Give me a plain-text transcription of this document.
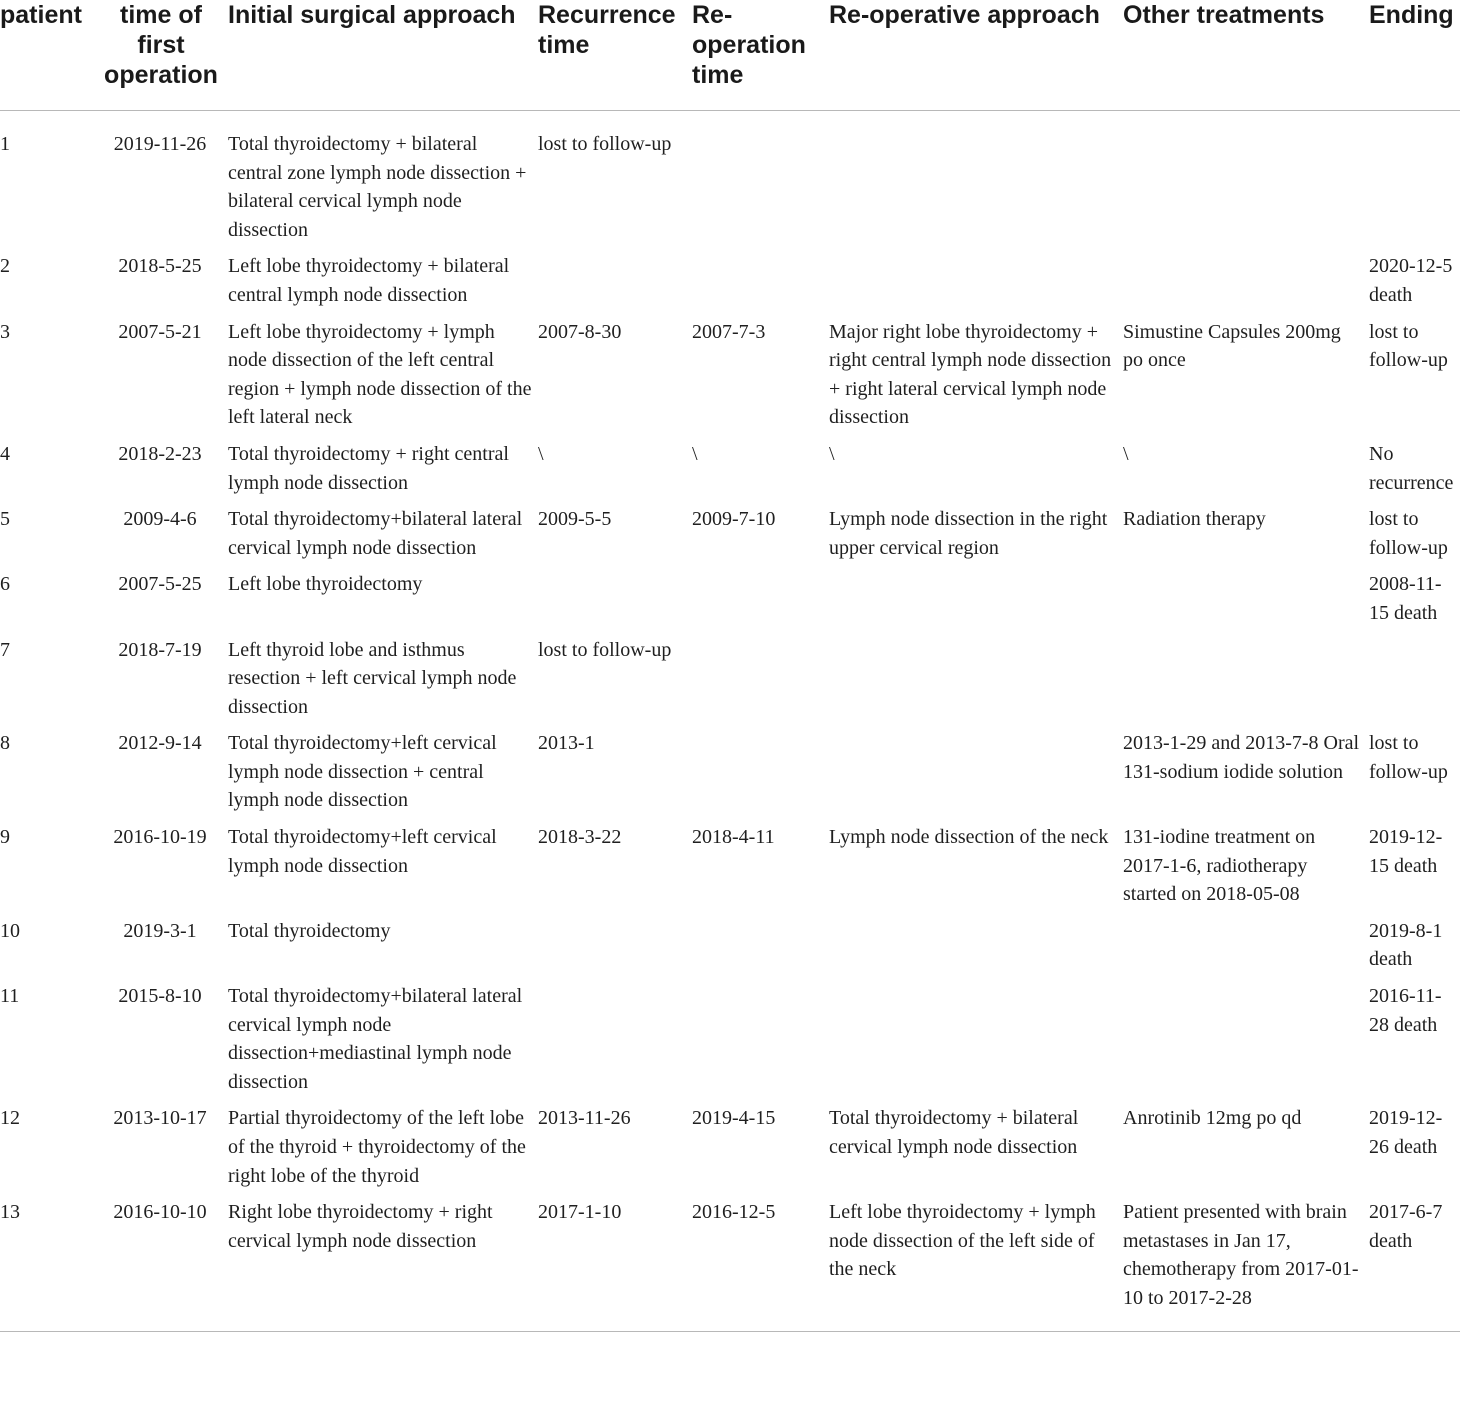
patient	time of first operation	Initial surgical approach	Recurrence time	Re-operation time	Re-operative approach	Other treatments	Ending
1	2019-11-26	Total thyroidectomy + bilateral central zone lymph node dissection + bilateral cervical lymph node dissection	lost to follow-up				
2	2018-5-25	Left lobe thyroidectomy + bilateral central lymph node dissection					2020-12-5 death
3	2007-5-21	Left lobe thyroidectomy + lymph node dissection of the left central region + lymph node dissection of the left lateral neck	2007-8-30	2007-7-3	Major right lobe thyroidectomy + right central lymph node dissection + right lateral cervical lymph node dissection	Simustine Capsules 200mg po once	lost to follow-up
4	2018-2-23	Total thyroidectomy + right central lymph node dissection	\	\	\	\	No recurrence
5	2009-4-6	Total thyroidectomy+bilateral lateral cervical lymph node dissection	2009-5-5	2009-7-10	Lymph node dissection in the right upper cervical region	Radiation therapy	lost to follow-up
6	2007-5-25	Left lobe thyroidectomy					2008-11-15 death
7	2018-7-19	Left thyroid lobe and isthmus resection + left cervical lymph node dissection	lost to follow-up				
8	2012-9-14	Total thyroidectomy+left cervical lymph node dissection + central lymph node dissection	2013-1			2013-1-29 and 2013-7-8 Oral 131-sodium iodide solution	lost to follow-up
9	2016-10-19	Total thyroidectomy+left cervical lymph node dissection	2018-3-22	2018-4-11	Lymph node dissection of the neck	131-iodine treatment on 2017-1-6, radiotherapy started on 2018-05-08	2019-12-15 death
10	2019-3-1	Total thyroidectomy					2019-8-1 death
11	2015-8-10	Total thyroidectomy+bilateral lateral cervical lymph node dissection+mediastinal lymph node dissection					2016-11-28 death
12	2013-10-17	Partial thyroidectomy of the left lobe of the thyroid + thyroidectomy of the right lobe of the thyroid	2013-11-26	2019-4-15	Total thyroidectomy + bilateral cervical lymph node dissection	Anrotinib 12mg po qd	2019-12-26 death
13	2016-10-10	Right lobe thyroidectomy + right cervical lymph node dissection	2017-1-10	2016-12-5	Left lobe thyroidectomy + lymph node dissection of the left side of the neck	Patient presented with brain metastases in Jan 17, chemotherapy from 2017-01-10 to 2017-2-28	2017-6-7 death
